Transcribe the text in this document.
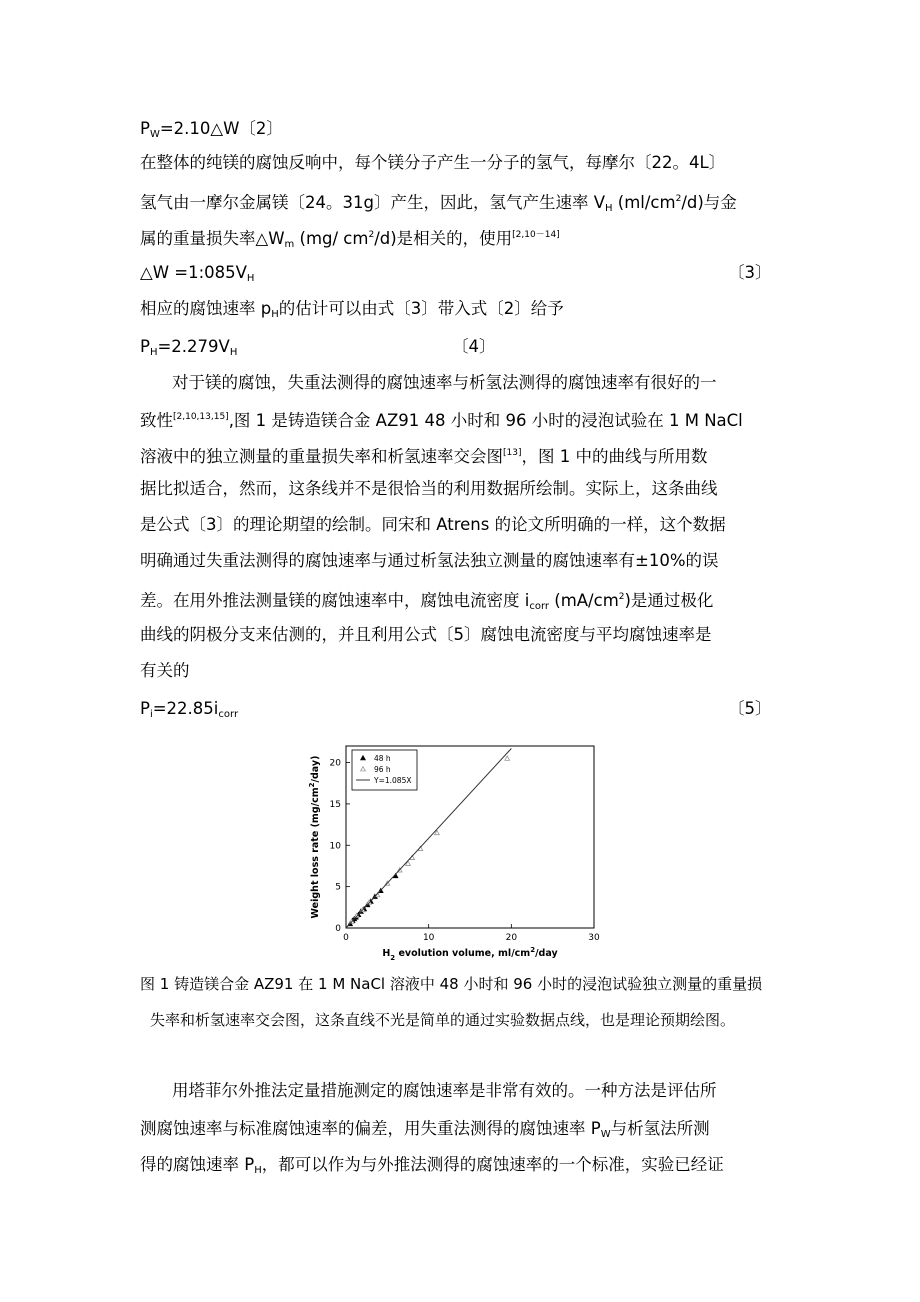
$P_W=2.10\triangle W$〔2〕
在整体的纯镁的腐蚀反响中，每个镁分子产生一分子的氢气，每摩尔〔22。4L〕
氢气由一摩尔金属镁〔24。31g〕产生，因此，氢气产生速率 $V_H$ $(ml/cm^2/d)$与金
属的重量损失率$\triangle W_m$ (mg/ $cm^2/d$)是相关的，使用[2,10－14]
△W $=1:085V_H$	〔3〕
相应的腐蚀速率 $p_H$的估计可以由式〔3〕带入式〔2〕给予
$P_H=2.279V_H$	〔4〕
对于镁的腐蚀，失重法测得的腐蚀速率与析氢法测得的腐蚀速率有很好的一
致性[2,10,13,15],图 1 是铸造镁合金 AZ91 48 小时和 96 小时的浸泡试验在 1 M NaCl
溶液中的独立测量的重量损失率和析氢速率交会图[13]，图 1 中的曲线与所用数
据比拟适合，然而，这条线并不是很恰当的利用数据所绘制。实际上，这条曲线
是公式〔3〕的理论期望的绘制。同宋和 Atrens 的论文所明确的一样，这个数据
明确通过失重法测得的腐蚀速率与通过析氢法独立测量的腐蚀速率有±10%的误
差。在用外推法测量镁的腐蚀速率中，腐蚀电流密度 $i_{corr}$ $(mA/cm^2)$是通过极化
曲线的阴极分支来估测的，并且利用公式〔5〕腐蚀电流密度与平均腐蚀速率是
有关的
$P_i=22.85i_{corr}$	〔5〕
0	10	20	30
0
5
10
15
20
48 h
96 h
Y=1.085X
Weight loss rate $(mg/cm^2/day)$
$H_2$ evolution volume, $ml/cm^2$/day
图 1 铸造镁合金 AZ91 在 1 M NaCl 溶液中 48 小时和 96 小时的浸泡试验独立测量的重量损
失率和析氢速率交会图，这条直线不光是简单的通过实验数据点线，也是理论预期绘图。
用塔菲尔外推法定量措施测定的腐蚀速率是非常有效的。一种方法是评估所
测腐蚀速率与标准腐蚀速率的偏差，用失重法测得的腐蚀速率 $P_W$与析氢法所测
得的腐蚀速率 $P_H$，都可以作为与外推法测得的腐蚀速率的一个标准，实验已经证
